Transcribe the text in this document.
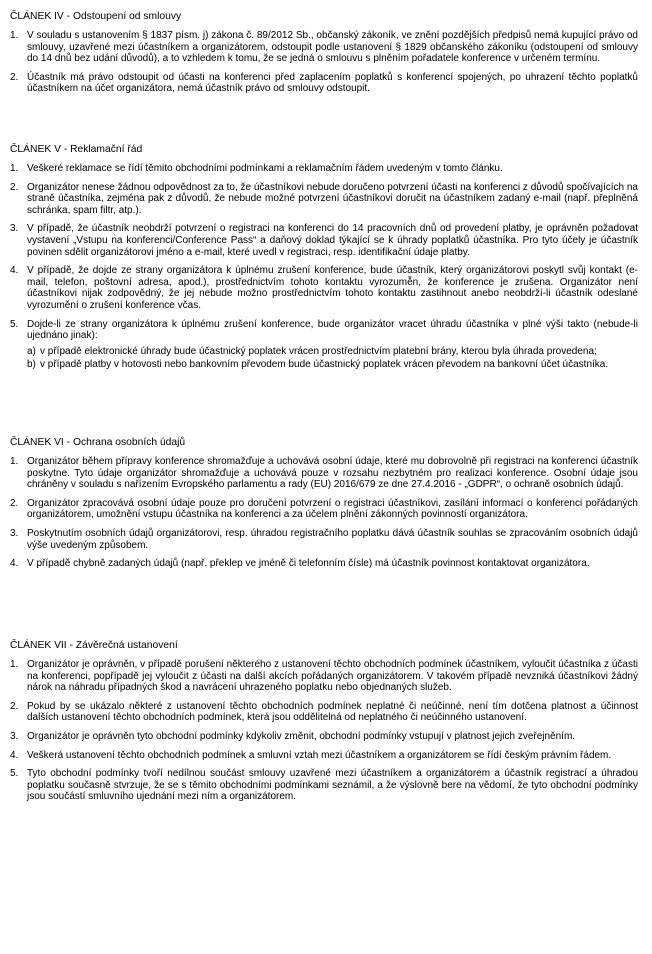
ČLÁNEK IV - Odstoupení od smlouvy
1. V souladu s ustanovením § 1837 písm. j) zákona č. 89/2012 Sb., občanský zákoník, ve znění pozdějších předpisů nemá kupující právo od smlouvy, uzavřené mezi účastníkem a organizátorem, odstoupit podle ustanovení § 1829 občanského zákoníku (odstoupení od smlouvy do 14 dnů bez udání důvodů), a to vzhledem k tomu, že se jedná o smlouvu s plněním pořadatele konference v určeném termínu.
2. Účastník má právo odstoupit od účasti na konferenci před zaplacením poplatků s konferencí spojených, po uhrazení těchto poplatků účastníkem na účet organizátora, nemá účastník právo od smlouvy odstoupit.
ČLÁNEK V - Reklamační řád
1. Veškeré reklamace se řídí těmito obchodními podmínkami a reklamačním řádem uvedeným v tomto článku.
2. Organizátor nenese žádnou odpovědnost za to, že účastníkovi nebude doručeno potvrzení účasti na konferenci z důvodů spočívajících na straně účastníka, zejména pak z důvodů, že nebude možné potvrzení účastníkovi doručit na účastníkem zadaný e-mail (např. přeplněná schránka, spam filtr, atp.).
3. V případě, že účastník neobdrží potvrzení o registraci na konferenci do 14 pracovních dnů od provedení platby, je oprávněn požadovat vystavení „Vstupu na konferenci/Conference Pass“ a daňový doklad týkající se k úhrady poplatků účastníka. Pro tyto účely je účastník povinen sdělit organizátorovi jméno a e-mail, které uvedl v registraci, resp. identifikační údaje platby.
4. V případě, že dojde ze strany organizátora k úplnému zrušení konference, bude účastník, který organizátorovi poskytl svůj kontakt (e-mail, telefon, poštovní adresa, apod.), prostřednictvím tohoto kontaktu vyrozumě̌n, že konference je zrušena. Organizátor není účastníkovi nijak zodpovědný, že jej nebude možno prostřednictvím tohoto kontaktu zastihnout anebo neobdrží-li účastník odeslané vyrozumění o zrušení konference včas.
5. Dojde-li ze strany organizátora k úplnému zrušení konference, bude organizátor vracet úhradu účastníka v plné výši takto (nebude-li ujednáno jinak):
a) v případě elektronické úhrady bude účastnický poplatek vrácen prostřednictvím platební brány, kterou byla úhrada provedena;
b) v případě platby v hotovosti nebo bankovním převodem bude účastnický poplatek vrácen převodem na bankovní účet účastníka.
ČLÁNEK VI - Ochrana osobních údajů
1. Organizátor během přípravy konference shromažďuje a uchovává osobní údaje, které mu dobrovolně při registraci na konferenci účastník poskytne. Tyto údaje organizátor shromažďuje a uchovává pouze v rozsahu nezbytném pro realizaci konference. Osobní údaje jsou chráněny v souladu s nařízením Evropského parlamentu a rady (EU) 2016/679 ze dne 27.4.2016 - „GDPR“, o ochraně osobních údajů.
2. Organizátor zpracovává osobní údaje pouze pro doručení potvrzení o registraci účastníkovi, zasílání informací o konferenci pořádaných organizátorem, umožnění vstupu účastníka na konferenci a za účelem plnění zákonných povinností organizátora.
3. Poskytnutím osobních údajů organizátorovi, resp. úhradou registračního poplatku dává účastník souhlas se zpracováním osobních údajů výše uvedeným způsobem.
4. V případě chybně zadaných údajů (např. překlep ve jméně či telefonním čísle) má účastník povinnost kontaktovat organizátora.
ČLÁNEK VII - Závěrečná ustanovení
1. Organizátor je oprávněn, v případě porušení některého z ustanovení těchto obchodních podmínek účastníkem, vyloučit účastníka z účasti na konferenci, popřípadě jej vyloučit z účasti na další akcích pořádaných organizátorem. V takovém případě nevzniká účastníkovi žádný nárok na náhradu případných škod a navrácení uhrazeného poplatku nebo objednaných služeb.
2. Pokud by se ukázalo některé z ustanovení těchto obchodních podmínek neplatné či neúčinné, není tím dotčena platnost a účinnost dalších ustanovení těchto obchodních podmínek, která jsou oddělitelná od neplatného či neúčinného ustanovení.
3. Organizátor je oprávněn tyto obchodní podmínky kdykoliv změnit, obchodní podmínky vstupují v platnost jejich zveřejněním.
4. Veškerá ustanovení těchto obchodních podmínek a smluvní vztah mezi účastníkem a organizátorem se řídí českým právním řádem.
5. Tyto obchodní podmínky tvoří nedílnou součást smlouvy uzavřené mezi účastníkem a organizátorem a účastník registrací a úhradou poplatku současně stvrzuje, že se s těmito obchodními podmínkami seznámil, a že výslovně bere na vědomí, že tyto obchodní podmínky jsou součástí smluvního ujednání mezi ním a organizátorem.
